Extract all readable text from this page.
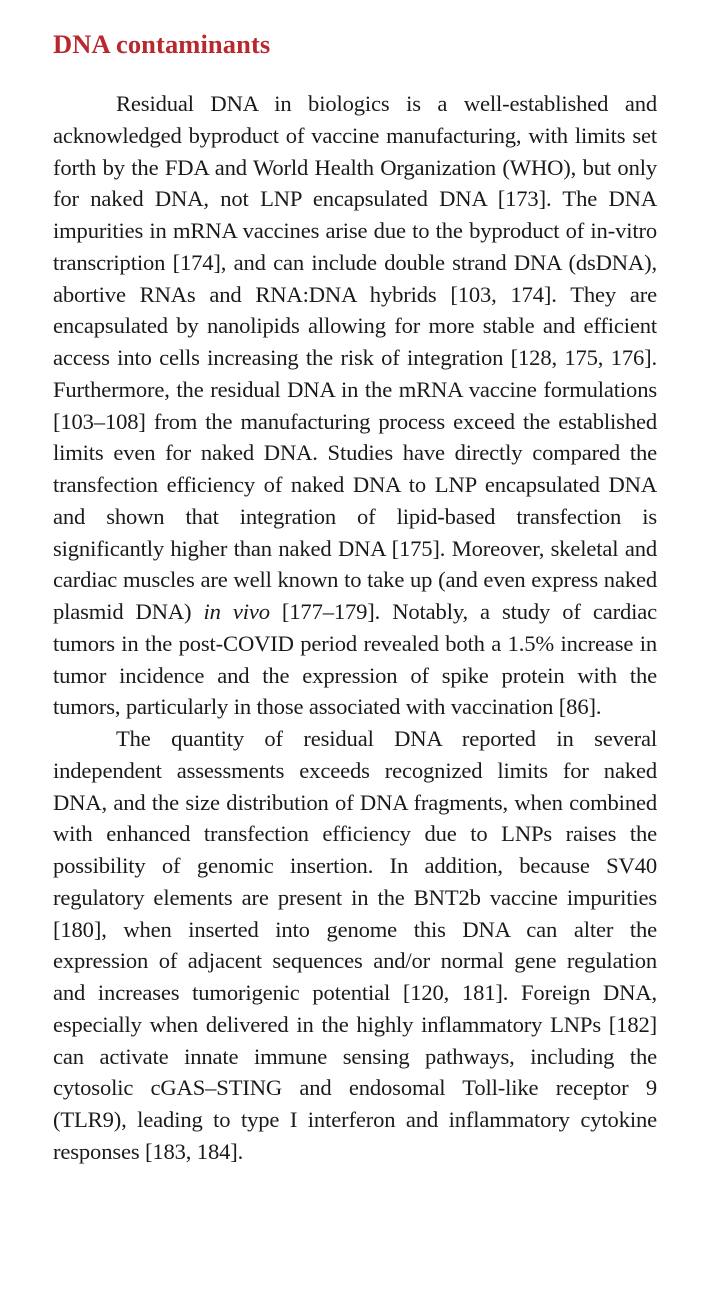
DNA contaminants

Residual DNA in biologics is a well-established and acknowledged byproduct of vaccine manufacturing, with limits set forth by the FDA and World Health Organization (WHO), but only for naked DNA, not LNP encapsulated DNA [173]. The DNA impurities in mRNA vaccines arise due to the byproduct of in-vitro transcription [174], and can include double strand DNA (dsDNA), abortive RNAs and RNA:DNA hybrids [103, 174]. They are encapsulated by nanolipids allowing for more stable and efficient access into cells increasing the risk of integration [128, 175, 176]. Furthermore, the residual DNA in the mRNA vaccine formulations [103–108] from the manufacturing process exceed the established limits even for naked DNA. Studies have directly compared the transfection efficiency of naked DNA to LNP encapsulated DNA and shown that integration of lipid-based transfection is significantly higher than naked DNA [175]. Moreover, skeletal and cardiac muscles are well known to take up (and even express naked plasmid DNA) in vivo [177–179]. Notably, a study of cardiac tumors in the post-COVID period revealed both a 1.5% increase in tumor incidence and the expression of spike protein with the tumors, particularly in those associated with vaccination [86].

The quantity of residual DNA reported in several independent assessments exceeds recognized limits for naked DNA, and the size distribution of DNA fragments, when combined with enhanced transfection efficiency due to LNPs raises the possibility of genomic insertion. In addition, because SV40 regulatory elements are present in the BNT2b vaccine impurities [180], when inserted into genome this DNA can alter the expression of adjacent sequences and/or normal gene regulation and increases tumorigenic potential [120, 181]. Foreign DNA, especially when delivered in the highly inflammatory LNPs [182] can activate innate immune sensing pathways, including the cytosolic cGAS–STING and endosomal Toll-like receptor 9 (TLR9), leading to type I interferon and inflammatory cytokine responses [183, 184].
